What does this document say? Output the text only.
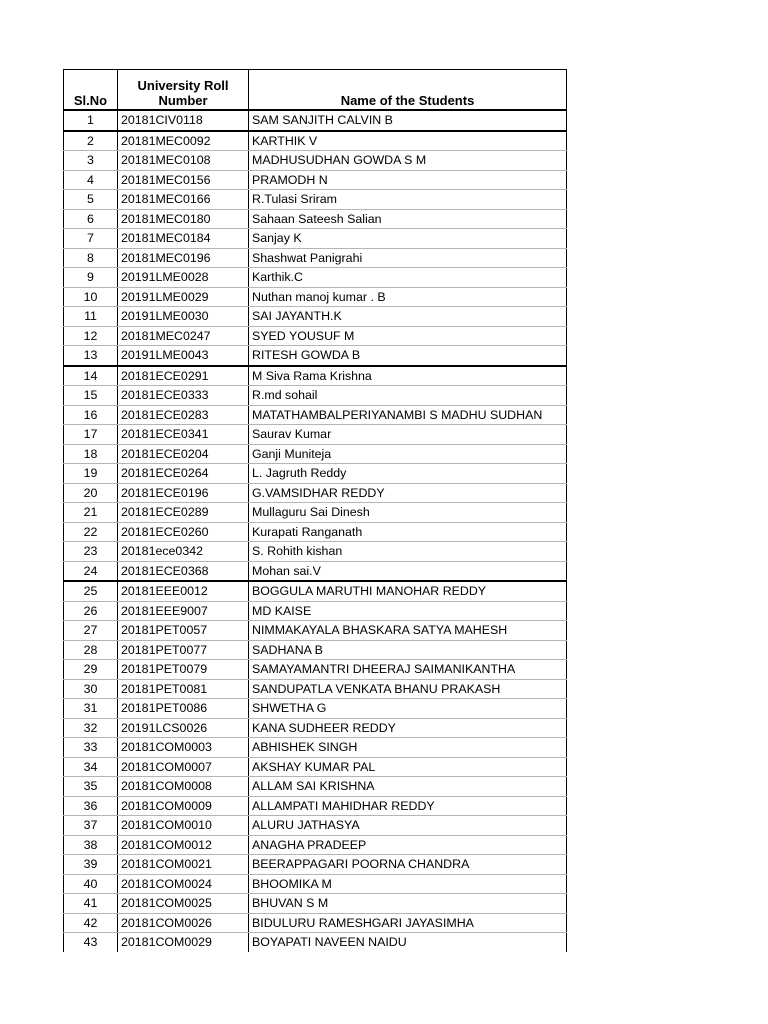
Sl.No	University Roll Number	Name of the Students
1	20181CIV0118	SAM SANJITH CALVIN B
2	20181MEC0092	KARTHIK V
3	20181MEC0108	MADHUSUDHAN GOWDA S M
4	20181MEC0156	PRAMODH N
5	20181MEC0166	R.Tulasi Sriram
6	20181MEC0180	Sahaan Sateesh Salian
7	20181MEC0184	Sanjay K
8	20181MEC0196	Shashwat Panigrahi
9	20191LME0028	Karthik.C
10	20191LME0029	Nuthan manoj kumar . B
11	20191LME0030	SAI JAYANTH.K
12	20181MEC0247	SYED YOUSUF M
13	20191LME0043	RITESH GOWDA B
14	20181ECE0291	M Siva Rama Krishna
15	20181ECE0333	R.md sohail
16	20181ECE0283	MATATHAMBALPERIYANAMBI S MADHU SUDHAN
17	20181ECE0341	Saurav Kumar
18	20181ECE0204	Ganji Muniteja
19	20181ECE0264	L. Jagruth Reddy
20	20181ECE0196	G.VAMSIDHAR REDDY
21	20181ECE0289	Mullaguru Sai Dinesh
22	20181ECE0260	Kurapati Ranganath
23	20181ece0342	S. Rohith kishan
24	20181ECE0368	Mohan sai.V
25	20181EEE0012	BOGGULA MARUTHI MANOHAR REDDY
26	20181EEE9007	MD KAISE
27	20181PET0057	NIMMAKAYALA BHASKARA SATYA MAHESH
28	20181PET0077	SADHANA B
29	20181PET0079	SAMAYAMANTRI DHEERAJ SAIMANIKANTHA
30	20181PET0081	SANDUPATLA VENKATA BHANU PRAKASH
31	20181PET0086	SHWETHA G
32	20191LCS0026	KANA SUDHEER REDDY
33	20181COM0003	ABHISHEK SINGH
34	20181COM0007	AKSHAY KUMAR PAL
35	20181COM0008	ALLAM SAI KRISHNA
36	20181COM0009	ALLAMPATI MAHIDHAR REDDY
37	20181COM0010	ALURU JATHASYA
38	20181COM0012	ANAGHA PRADEEP
39	20181COM0021	BEERAPPAGARI POORNA CHANDRA
40	20181COM0024	BHOOMIKA M
41	20181COM0025	BHUVAN S M
42	20181COM0026	BIDULURU RAMESHGARI JAYASIMHA
43	20181COM0029	BOYAPATI NAVEEN NAIDU
